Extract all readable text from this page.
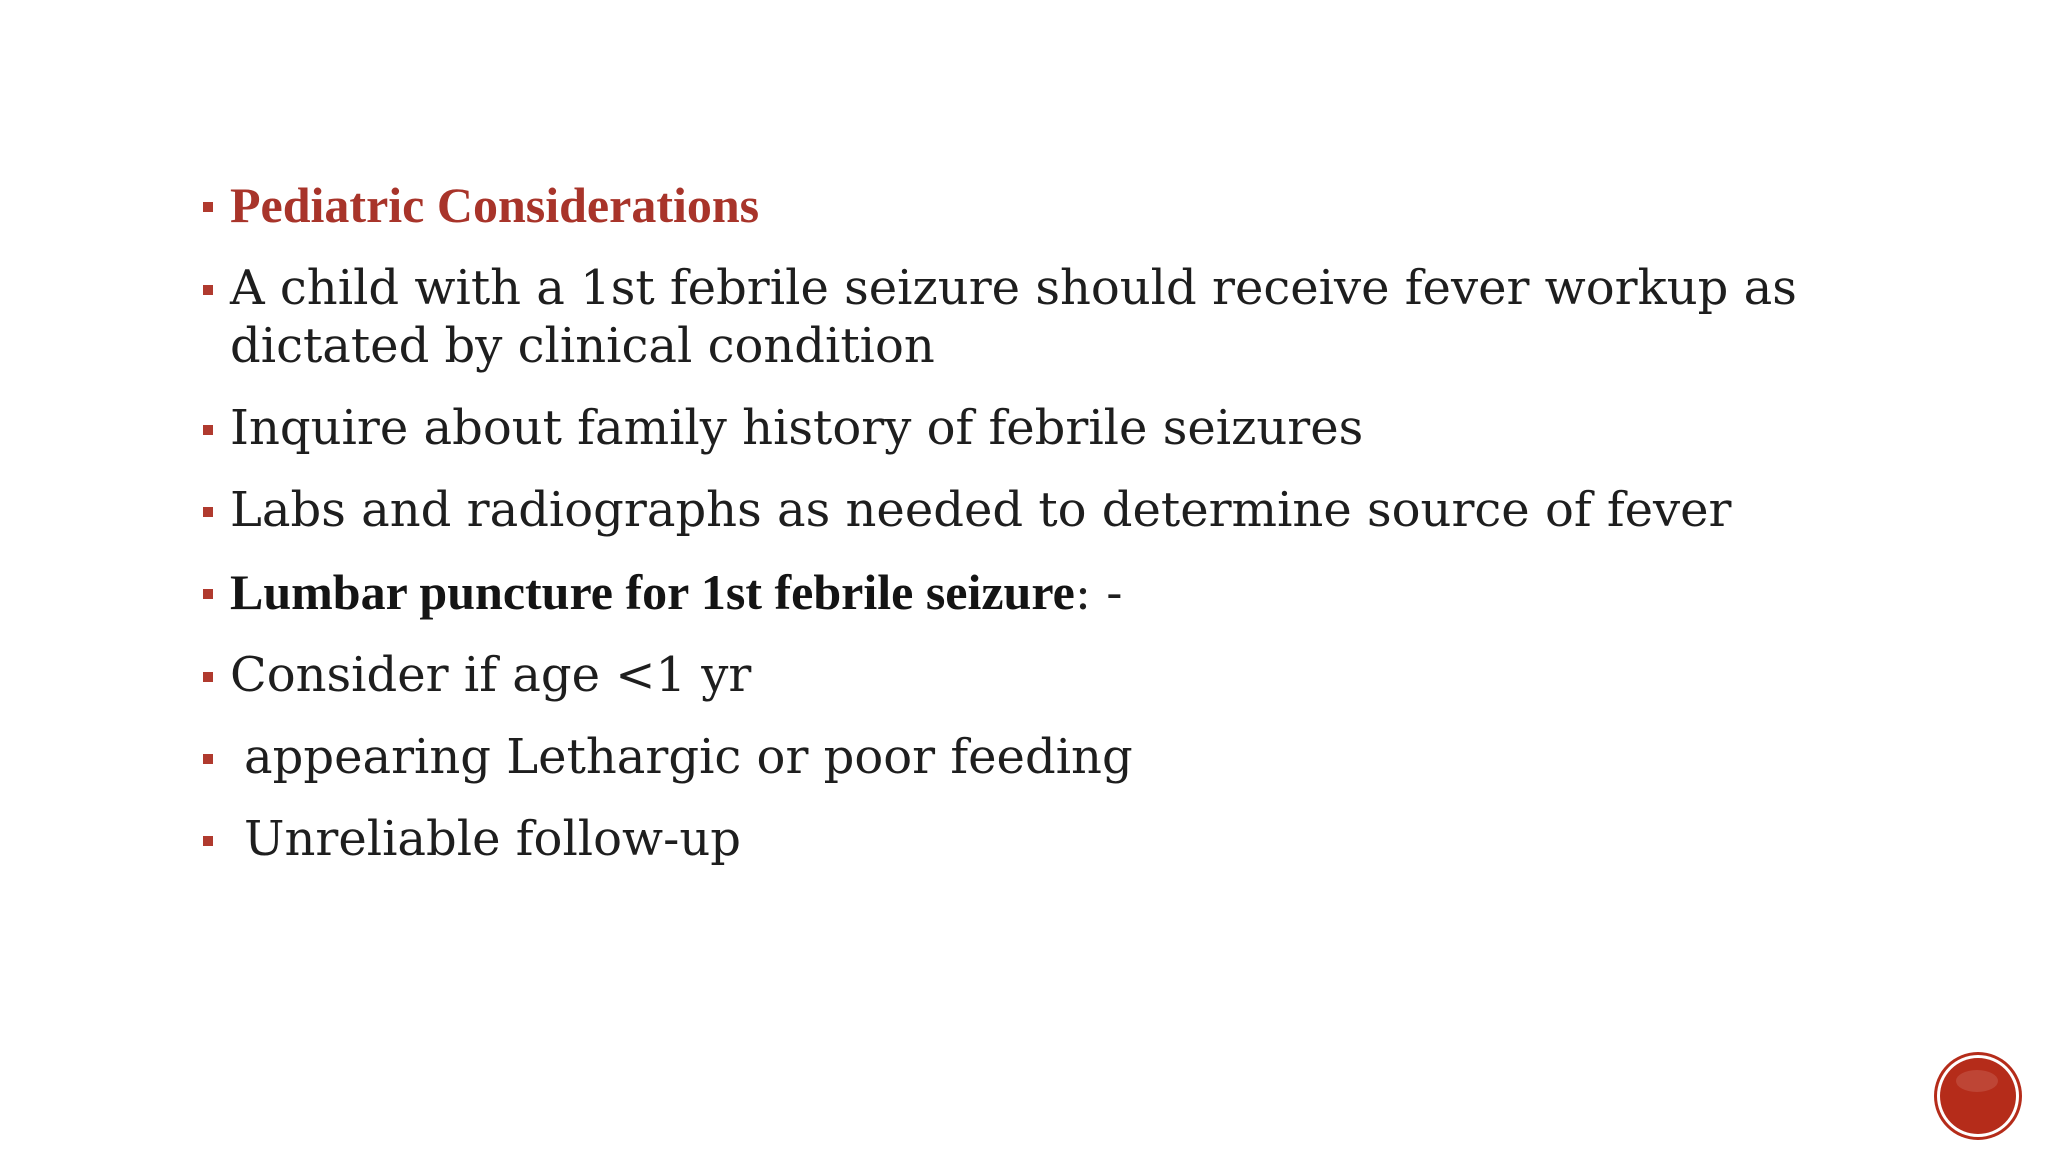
Pediatric Considerations
A child with a 1st febrile seizure should receive fever workup as dictated by clinical condition
Inquire about family history of febrile seizures
Labs and radiographs as needed to determine source of fever
Lumbar puncture for 1st febrile seizure: -
Consider if age <1 yr
appearing Lethargic or poor feeding
Unreliable follow-up
